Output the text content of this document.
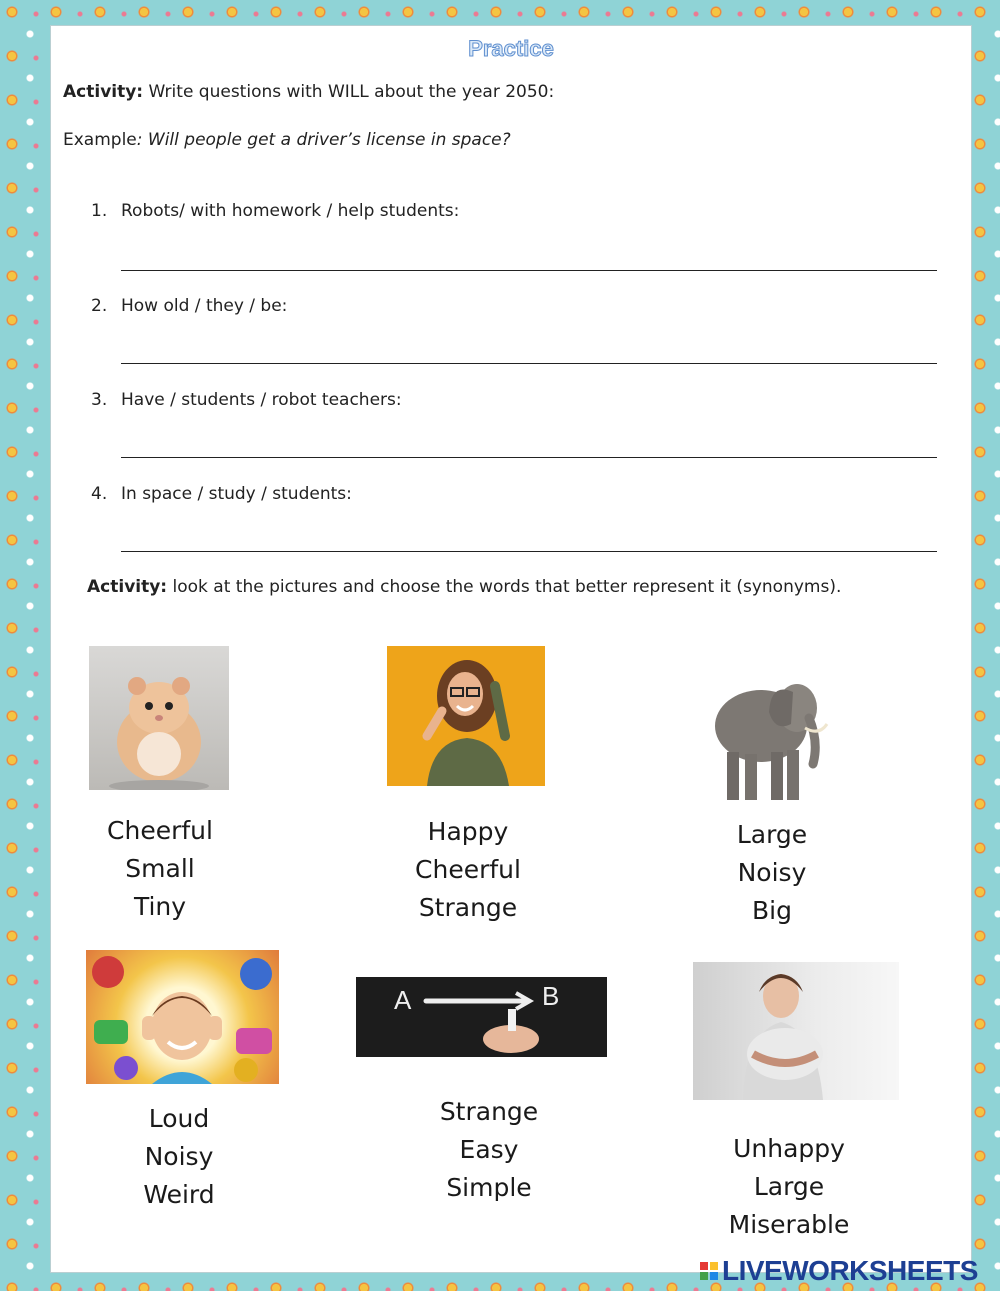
Practice
Activity: Write questions with WILL about the year 2050:
Example: Will people get a driver’s license in space?
1. Robots/ with homework / help students:
2. How old / they / be:
3. Have / students / robot teachers:
4. In space / study / students:
Activity: look at the pictures and choose the words that better represent it (synonyms).
Cheerful
Small
Tiny
Happy
Cheerful
Strange
Large
Noisy
Big
Loud
Noisy
Weird
A	B
Strange
Easy
Simple
Unhappy
Large
Miserable
LIVEWORKSHEETS
